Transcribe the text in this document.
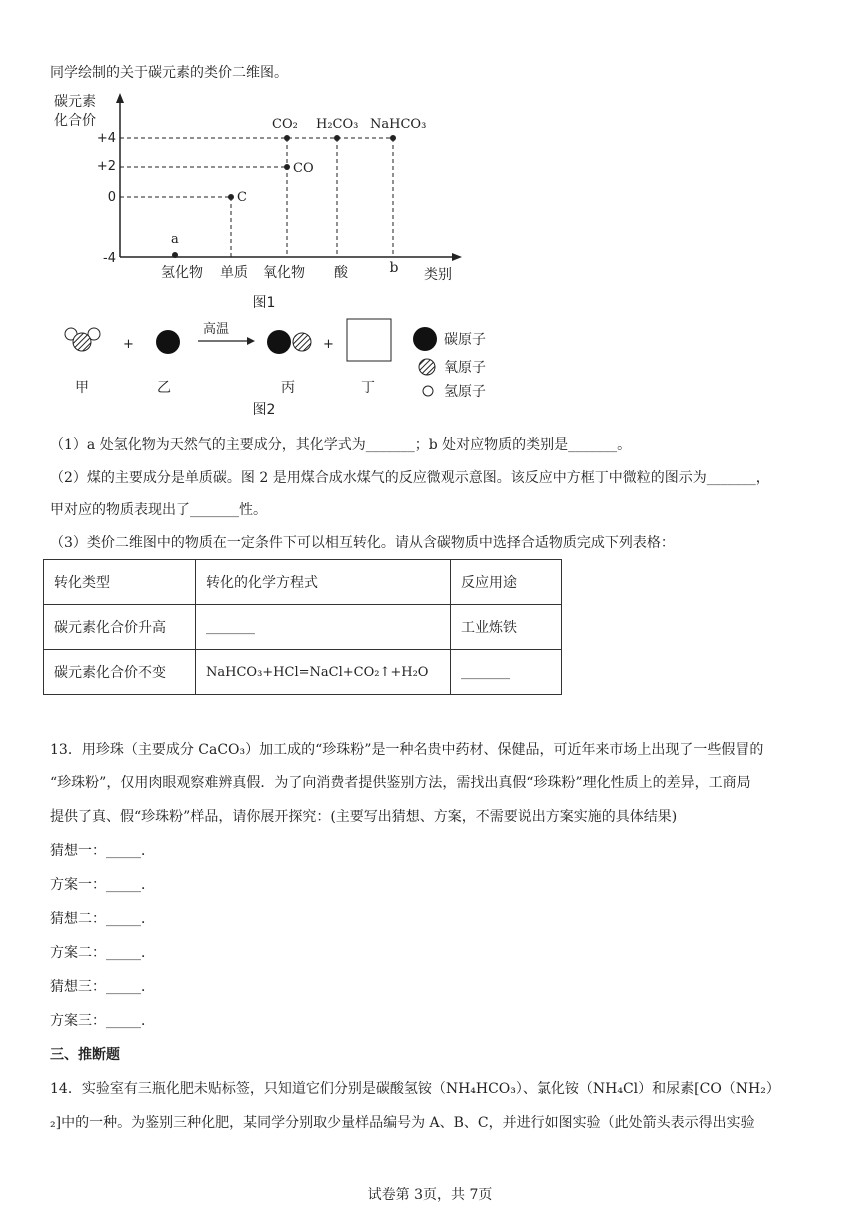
同学绘制的关于碳元素的类价二维图。
碳元素
化合价
+4
+2
0
-4
a
C
CO
CO₂ H₂CO₃ NaHCO₃
氢化物 单质 氧化物 酸	b 类别
图1
+
高温
+	碳原子
氧原子
氢原子
甲	乙	丙	丁
图2
（1）a 处氢化物为天然气的主要成分，其化学式为_______；b 处对应物质的类别是_______。
（2）煤的主要成分是单质碳。图 2 是用煤合成水煤气的反应微观示意图。该反应中方框丁中微粒的图示为_______，
甲对应的物质表现出了_______性。
（3）类价二维图中的物质在一定条件下可以相互转化。请从含碳物质中选择合适物质完成下列表格：
转化类型	转化的化学方程式	反应用途
碳元素化合价升高	_______	工业炼铁
碳元素化合价不变	NaHCO₃+HCl=NaCl+CO₂↑+H₂O	_______
13．用珍珠（主要成分 CaCO₃）加工成的“珍珠粉”是一种名贵中药材、保健品，可近年来市场上出现了一些假冒的
“珍珠粉”，仅用肉眼观察难辨真假．为了向消费者提供鉴别方法，需找出真假“珍珠粉”理化性质上的差异，工商局
提供了真、假“珍珠粉”样品，请你展开探究：(主要写出猜想、方案，不需要说出方案实施的具体结果)
猜想一：_____．
方案一：_____．
猜想二：_____．
方案二：_____．
猜想三：_____．
方案三：_____．
三、推断题
14．实验室有三瓶化肥未贴标签，只知道它们分别是碳酸氢铵（NH₄HCO₃）、氯化铵（NH₄Cl）和尿素[CO（NH₂）
₂]中的一种。为鉴别三种化肥，某同学分别取少量样品编号为 A、B、C，并进行如图实验（此处箭头表示得出实验
试卷第 3页，共 7页
